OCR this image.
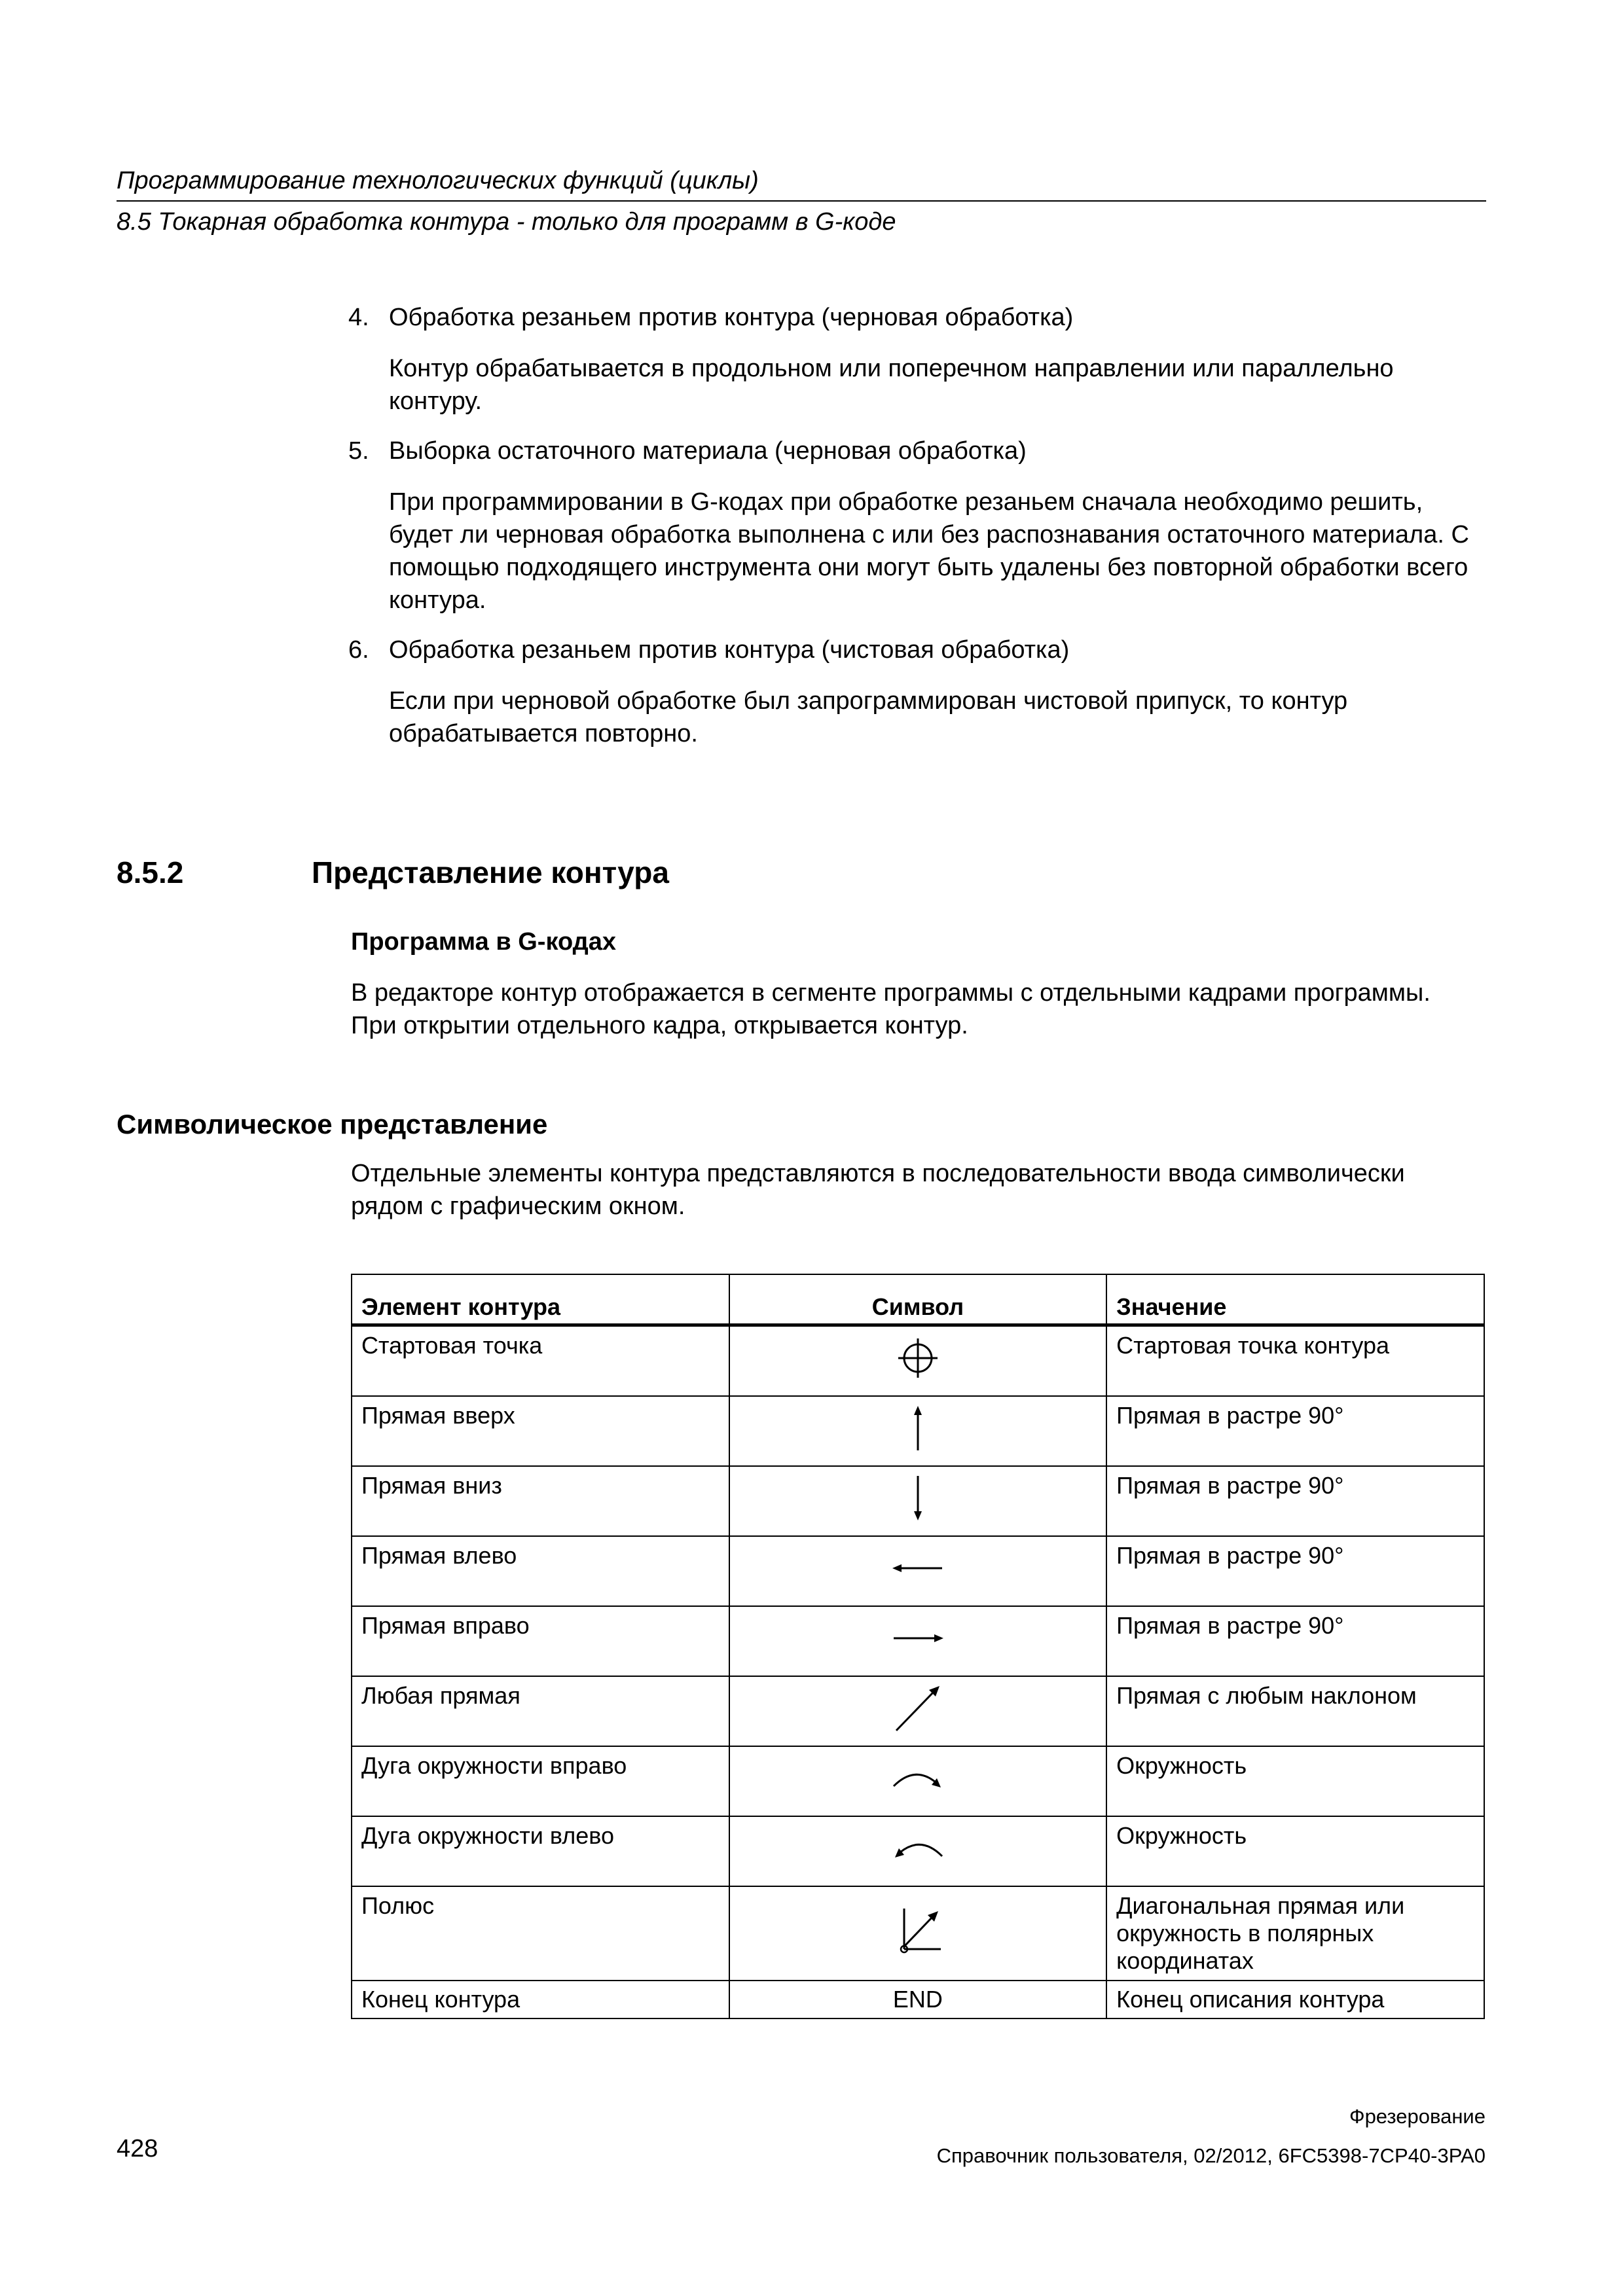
Программирование технологических функций (циклы)
8.5 Токарная обработка контура - только для программ в G-коде
4. Обработка резаньем против контура (черновая обработка)
Контур обрабатывается в продольном или поперечном направлении или параллельно контуру.
5. Выборка остаточного материала (черновая обработка)
При программировании в G-кодах при обработке резаньем сначала необходимо решить, будет ли черновая обработка выполнена с или без распознавания остаточного материала. С помощью подходящего инструмента они могут быть удалены без повторной обработки всего контура.
6. Обработка резаньем против контура (чистовая обработка)
Если при черновой обработке был запрограммирован чистовой припуск, то контур обрабатывается повторно.
8.5.2	Представление контура
Программа в G-кодах
В редакторе контур отображается в сегменте программы с отдельными кадрами программы. При открытии отдельного кадра, открывается контур.
Символическое представление
Отдельные элементы контура представляются в последовательности ввода символически рядом с графическим окном.
Элемент контура	Символ	Значение
Стартовая точка		Стартовая точка контура
Прямая вверх		Прямая в растре 90°
Прямая вниз		Прямая в растре 90°
Прямая влево		Прямая в растре 90°
Прямая вправо		Прямая в растре 90°
Любая прямая		Прямая с любым наклоном
Дуга окружности вправо		Окружность
Дуга окружности влево		Окружность
Полюс		Диагональная прямая или окружность в полярных координатах
Конец контура	END	Конец описания контура
Фрезерование
428	Справочник пользователя, 02/2012, 6FC5398-7CP40-3PA0
